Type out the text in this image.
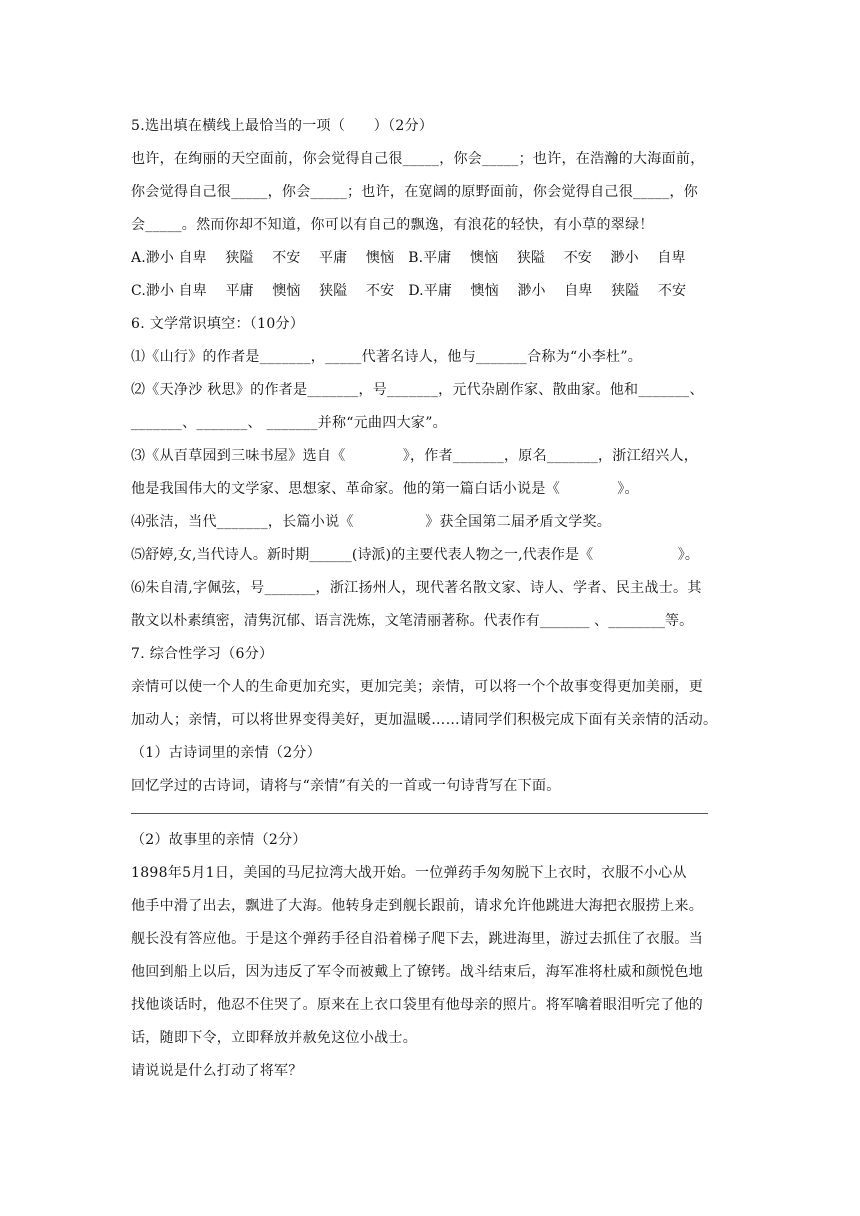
5.选出填在横线上最恰当的一项（　　）（2分）
也许，在绚丽的天空面前，你会觉得自己很_____，你会_____；也许，在浩瀚的大海面前，
你会觉得自己很_____，你会_____；也许，在宽阔的原野面前，你会觉得自己很_____，你
会_____。然而你却不知道，你可以有自己的飘逸，有浪花的轻快，有小草的翠绿！
A.渺小 自卑　 狭隘　 不安　 平庸　 懊恼　B.平庸　 懊恼　 狭隘　 不安　 渺小　 自卑
C.渺小 自卑　 平庸　 懊恼　 狭隘　 不安　D.平庸　 懊恼　 渺小　 自卑　 狭隘　 不安
6. 文学常识填空：（10分）
⑴《山行》的作者是_______，_____代著名诗人，他与_______合称为“小李杜”。
⑵《天净沙 秋思》的作者是_______，号_______，元代杂剧作家、散曲家。他和_______、
_______、_______、 _______并称“元曲四大家”。
⑶《从百草园到三味书屋》选自《　　　　》，作者_______，原名_______，浙江绍兴人，
他是我国伟大的文学家、思想家、革命家。他的第一篇白话小说是《　　　　》。
⑷张洁，当代_______，长篇小说《　　　　　》获全国第二届矛盾文学奖。
⑸舒婷,女,当代诗人。新时期______(诗派)的主要代表人物之一,代表作是《　　　　　　》。
⑹朱自清,字佩弦，号_______，浙江扬州人，现代著名散文家、诗人、学者、民主战士。其
散文以朴素缜密，清隽沉郁、语言洗炼，文笔清丽著称。代表作有_______ 、________等。
7. 综合性学习（6分）
亲情可以使一个人的生命更加充实，更加完美；亲情，可以将一个个故事变得更加美丽，更
加动人；亲情，可以将世界变得美好，更加温暖……请同学们积极完成下面有关亲情的活动。
（1）古诗词里的亲情（2分）
回忆学过的古诗词，请将与“亲情”有关的一首或一句诗背写在下面。
（2）故事里的亲情（2分）
1898年5月1日，美国的马尼拉湾大战开始。一位弹药手匆匆脱下上衣时，衣服不小心从
他手中滑了出去，飘进了大海。他转身走到舰长跟前，请求允许他跳进大海把衣服捞上来。
舰长没有答应他。于是这个弹药手径自沿着梯子爬下去，跳进海里，游过去抓住了衣服。当
他回到船上以后，因为违反了军令而被戴上了镣铐。战斗结束后，海军准将杜威和颜悦色地
找他谈话时，他忍不住哭了。原来在上衣口袋里有他母亲的照片。将军噙着眼泪听完了他的
话，随即下令，立即释放并赦免这位小战士。
请说说是什么打动了将军？
